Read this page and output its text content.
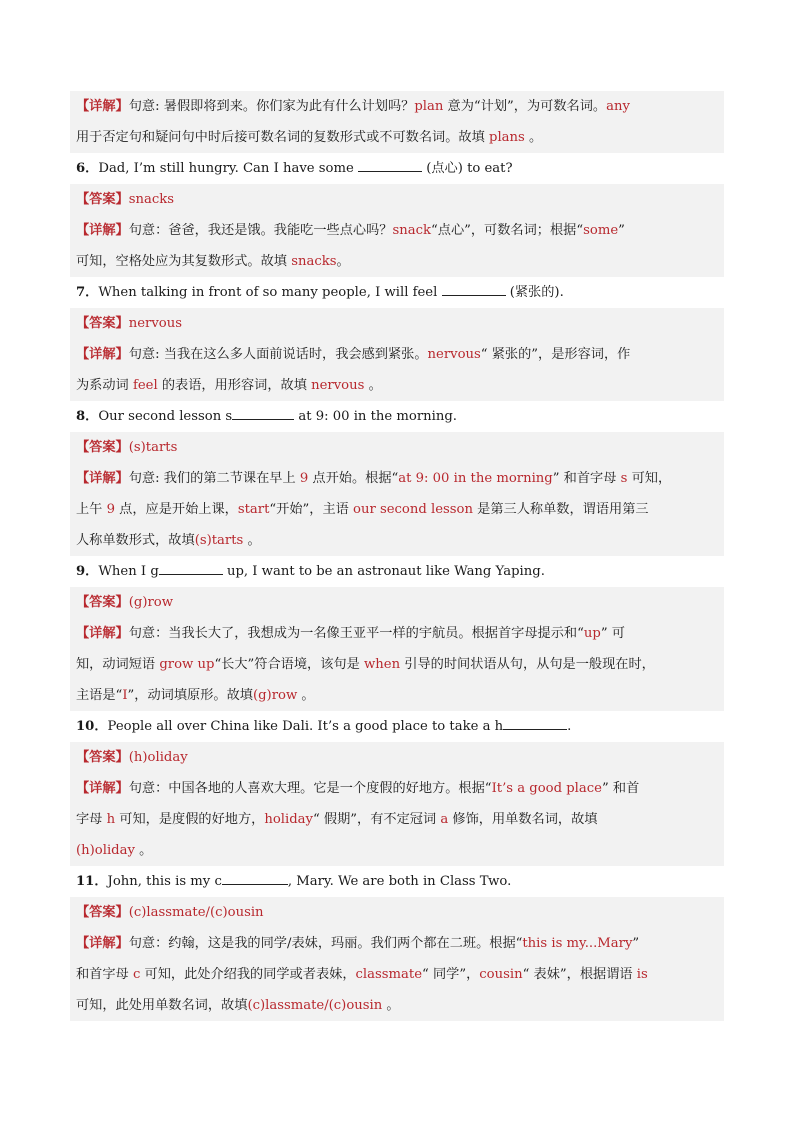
【详解】句意: 暑假即将到来。你们家为此有什么计划吗？plan 意为“计划”，为可数名词。any
用于否定句和疑问句中时后接可数名词的复数形式或不可数名词。故填 plans 。
6．Dad, I’m still hungry. Can I have some	(点心) to eat?
【答案】snacks
【详解】句意：爸爸，我还是饿。我能吃一些点心吗？snack“点心”，可数名词；根据“some”
可知，空格处应为其复数形式。故填 snacks。
7．When talking in front of so many people, I will feel	(紧张的).
【答案】nervous
【详解】句意: 当我在这么多人面前说话时，我会感到紧张。nervous“ 紧张的”，是形容词，作
为系动词 feel 的表语，用形容词，故填 nervous 。
8．Our second lesson s	at 9: 00 in the morning.
【答案】(s)tarts
【详解】句意: 我们的第二节课在早上 9 点开始。根据“at 9: 00 in the morning” 和首字母 s 可知，
上午 9 点，应是开始上课，start“开始”，主语 our second lesson 是第三人称单数，谓语用第三
人称单数形式，故填(s)tarts 。
9．When I g	up, I want to be an astronaut like Wang Yaping.
【答案】(g)row
【详解】句意：当我长大了，我想成为一名像王亚平一样的宇航员。根据首字母提示和“up” 可
知，动词短语 grow up“长大”符合语境，该句是 when 引导的时间状语从句，从句是一般现在时，
主语是“I”，动词填原形。故填(g)row 。
10．People all over China like Dali. It’s a good place to take a h	.
【答案】(h)oliday
【详解】句意：中国各地的人喜欢大理。它是一个度假的好地方。根据“It’s a good place” 和首
字母 h 可知，是度假的好地方，holiday“ 假期”，有不定冠词 a 修饰，用单数名词，故填
(h)oliday 。
11．John, this is my c	, Mary. We are both in Class Two.
【答案】(c)lassmate/(c)ousin
【详解】句意：约翰，这是我的同学/表妹，玛丽。我们两个都在二班。根据“this is my...Mary”
和首字母 c 可知，此处介绍我的同学或者表妹，classmate“ 同学”，cousin“ 表妹”，根据谓语 is
可知，此处用单数名词，故填(c)lassmate/(c)ousin 。
